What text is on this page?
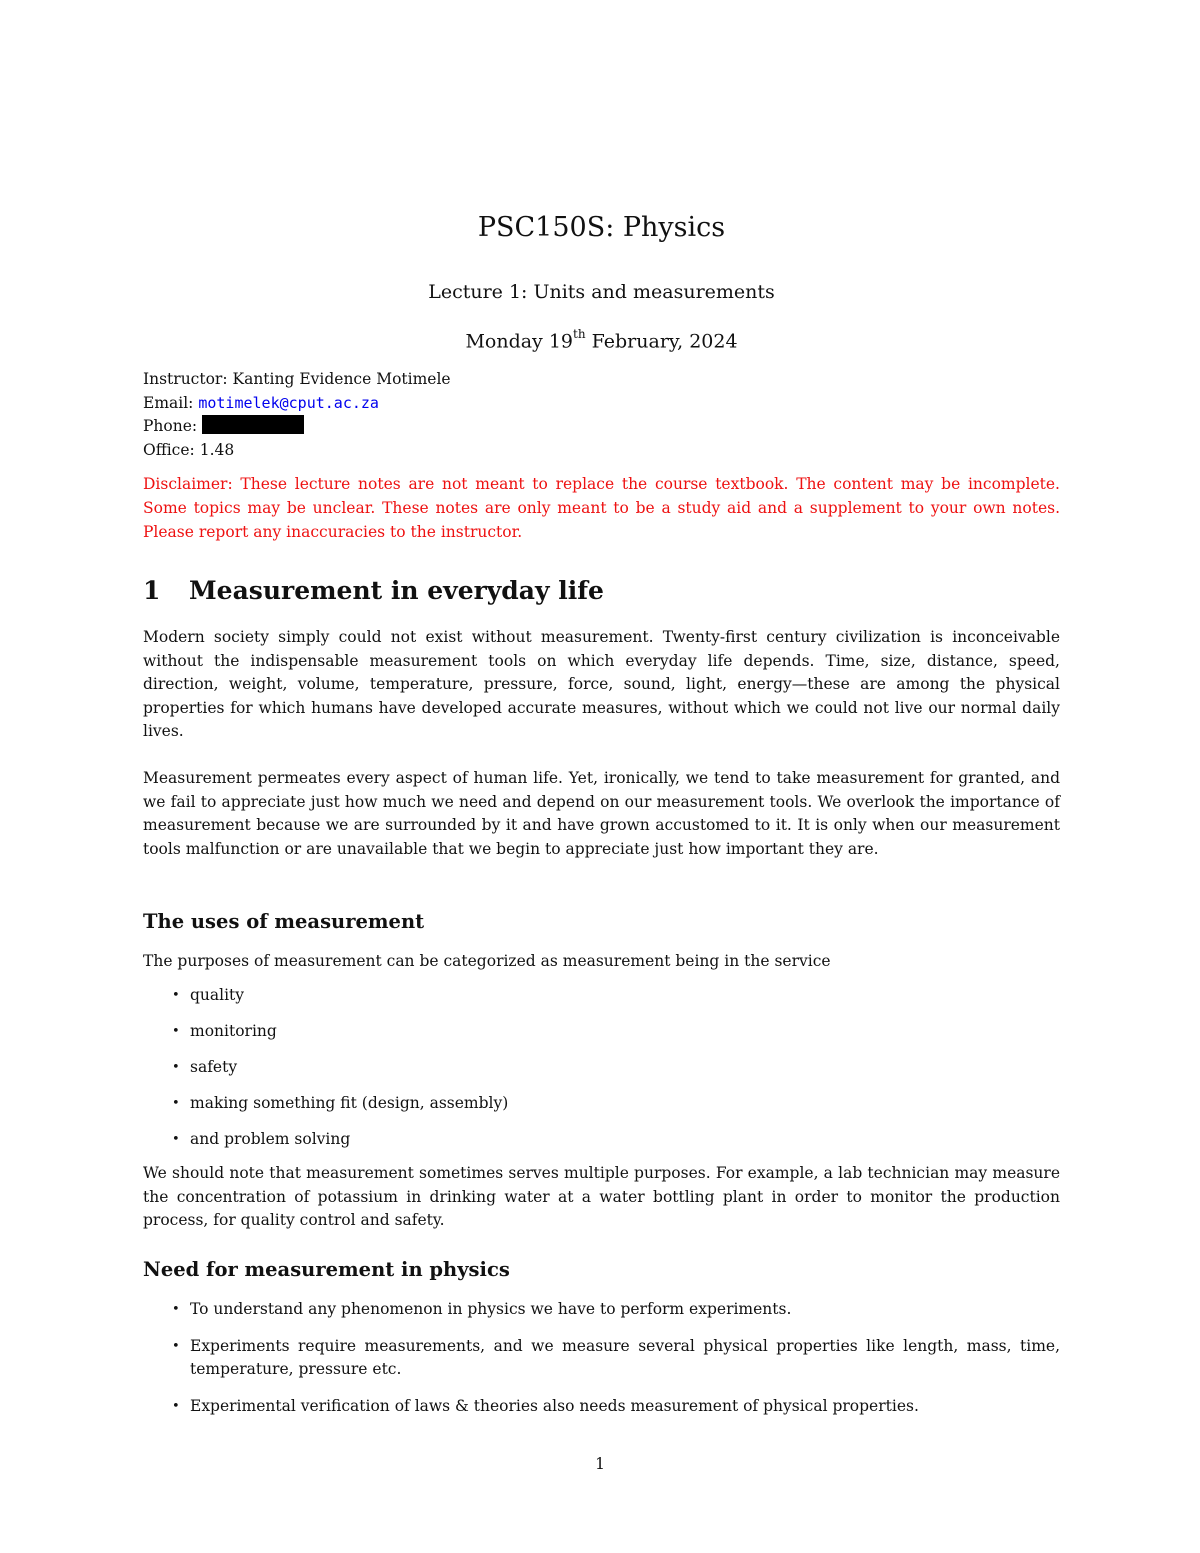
PSC150S: Physics
Lecture 1: Units and measurements
Monday 19th February, 2024
Instructor: Kanting Evidence Motimele
Email: motimelek@cput.ac.za
Phone:
Office: 1.48
Disclaimer: These lecture notes are not meant to replace the course textbook. The content may be incomplete. Some topics may be unclear. These notes are only meant to be a study aid and a supplement to your own notes. Please report any inaccuracies to the instructor.
1 Measurement in everyday life
Modern society simply could not exist without measurement. Twenty-first century civilization is inconceivable without the indispensable measurement tools on which everyday life depends. Time, size, distance, speed, direction, weight, volume, temperature, pressure, force, sound, light, energy—these are among the physical properties for which humans have developed accurate measures, without which we could not live our normal daily lives.
Measurement permeates every aspect of human life. Yet, ironically, we tend to take measurement for granted, and we fail to appreciate just how much we need and depend on our measurement tools. We overlook the importance of measurement because we are surrounded by it and have grown accustomed to it. It is only when our measurement tools malfunction or are unavailable that we begin to appreciate just how important they are.
The uses of measurement
The purposes of measurement can be categorized as measurement being in the service
• quality
• monitoring
• safety
• making something fit (design, assembly)
• and problem solving
We should note that measurement sometimes serves multiple purposes. For example, a lab technician may measure the concentration of potassium in drinking water at a water bottling plant in order to monitor the production process, for quality control and safety.
Need for measurement in physics
• To understand any phenomenon in physics we have to perform experiments.
• Experiments require measurements, and we measure several physical properties like length, mass, time, temperature, pressure etc.
• Experimental verification of laws & theories also needs measurement of physical properties.
1
